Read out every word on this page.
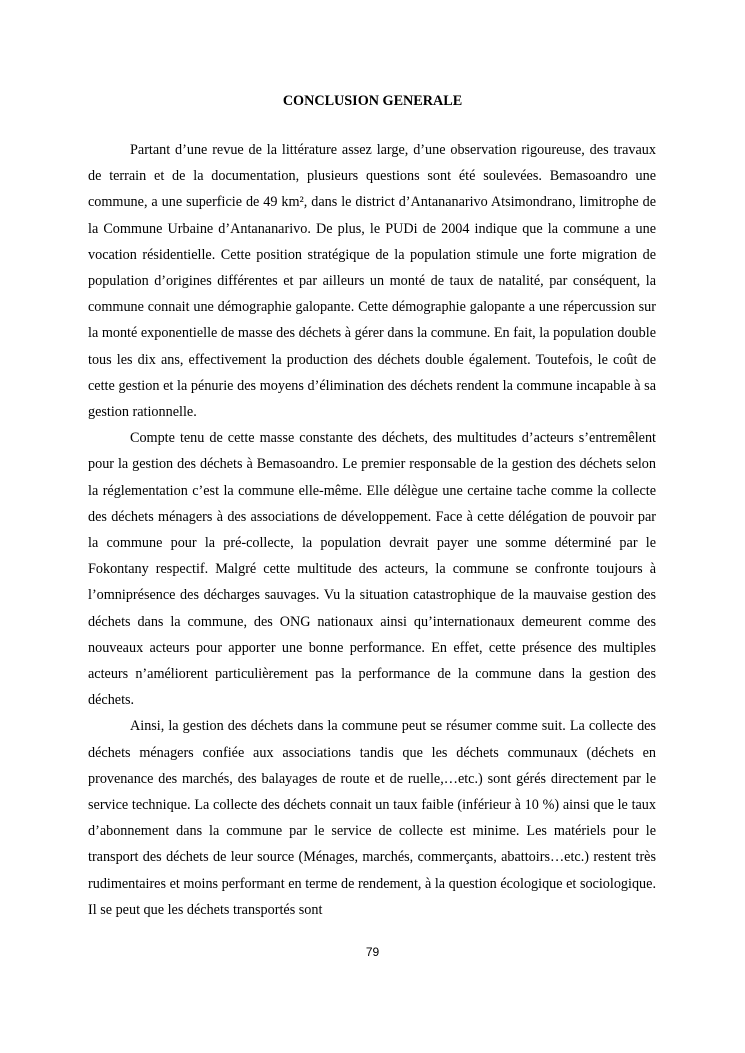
CONCLUSION GENERALE

Partant d’une revue de la littérature assez large, d’une observation rigoureuse, des travaux de terrain et de la documentation, plusieurs questions sont été soulevées. Bemasoandro une commune, a une superficie de 49 km², dans le district d’Antananarivo Atsimondrano, limitrophe de la Commune Urbaine d’Antananarivo. De plus, le PUDi de 2004 indique que la commune a une vocation résidentielle. Cette position stratégique de la population stimule une forte migration de population d’origines différentes et par ailleurs un monté de taux de natalité, par conséquent, la commune connait une démographie galopante. Cette démographie galopante a une répercussion sur la monté exponentielle de masse des déchets à gérer dans la commune. En fait, la population double tous les dix ans, effectivement la production des déchets double également. Toutefois, le coût de cette gestion et la pénurie des moyens d’élimination des déchets rendent la commune incapable à sa gestion rationnelle.

Compte tenu de cette masse constante des déchets, des multitudes d’acteurs s’entremêlent pour la gestion des déchets à Bemasoandro. Le premier responsable de la gestion des déchets selon la réglementation c’est la commune elle-même. Elle délègue une certaine tache comme la collecte des déchets ménagers à des associations de développement. Face à cette délégation de pouvoir par la commune pour la pré-collecte, la population devrait payer une somme déterminé par le Fokontany respectif. Malgré cette multitude des acteurs, la commune se confronte toujours à l’omniprésence des décharges sauvages. Vu la situation catastrophique de la mauvaise gestion des déchets dans la commune, des ONG nationaux ainsi qu’internationaux demeurent comme des nouveaux acteurs pour apporter une bonne performance. En effet, cette présence des multiples acteurs n’améliorent particulièrement pas la performance de la commune dans la gestion des déchets.

Ainsi, la gestion des déchets dans la commune peut se résumer comme suit. La collecte des déchets ménagers confiée aux associations tandis que les déchets communaux (déchets en provenance des marchés, des balayages de route et de ruelle,…etc.) sont gérés directement par le service technique. La collecte des déchets connait un taux faible (inférieur à 10 %) ainsi que le taux d’abonnement dans la commune par le service de collecte est minime. Les matériels pour le transport des déchets de leur source (Ménages, marchés, commerçants, abattoirs…etc.) restent très rudimentaires et moins performant en terme de rendement, à la question écologique et sociologique. Il se peut que les déchets transportés sont

79
